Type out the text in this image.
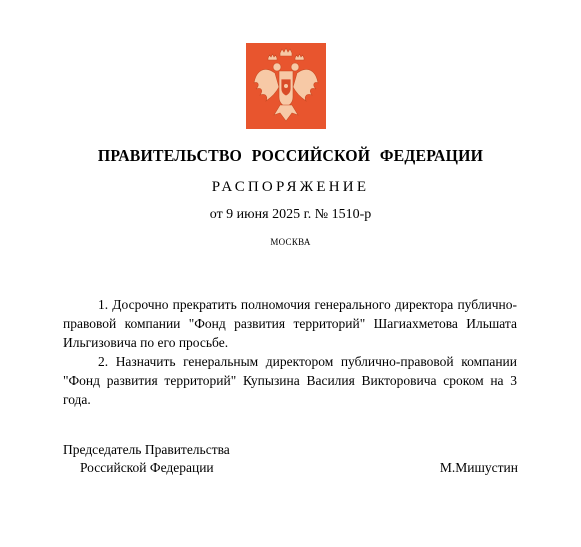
ПРАВИТЕЛЬСТВО РОССИЙСКОЙ ФЕДЕРАЦИИ
РАСПОРЯЖЕНИЕ
от 9 июня 2025 г. № 1510-р
МОСКВА

1. Досрочно прекратить полномочия генерального директора публично-правовой компании "Фонд развития территорий" Шагиахметова Ильшата Ильгизовича по его просьбе.

2. Назначить генеральным директором публично-правовой компании "Фонд развития территорий" Купызина Василия Викторовича сроком на 3 года.

Председатель Правительства
Российской Федерации	М.Мишустин
